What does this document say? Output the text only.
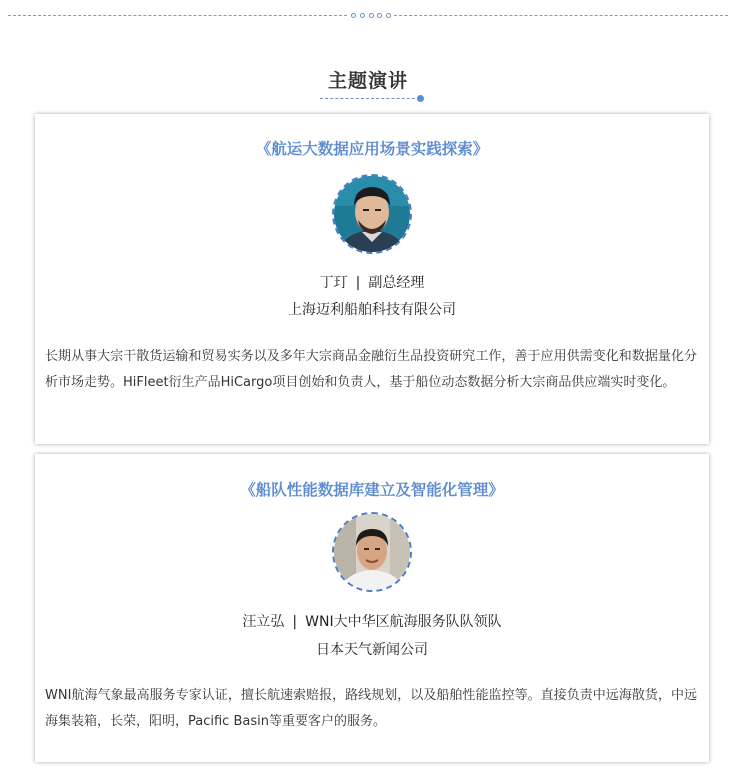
主题演讲
《航运大数据应用场景实践探索》
丁玎 | 副总经理
上海迈利船舶科技有限公司
长期从事大宗干散货运输和贸易实务以及多年大宗商品金融衍生品投资研究工作，善于应用供需变化和数据量化分析市场走势。HiFleet衍生产品HiCargo项目创始和负责人，基于船位动态数据分析大宗商品供应端实时变化。
《船队性能数据库建立及智能化管理》
汪立弘 | WNI大中华区航海服务队队领队
日本天气新闻公司
WNI航海气象最高服务专家认证，擅长航速索赔报，路线规划，以及船舶性能监控等。直接负责中远海散货，中远海集装箱，长荣，阳明，Pacific Basin等重要客户的服务。
